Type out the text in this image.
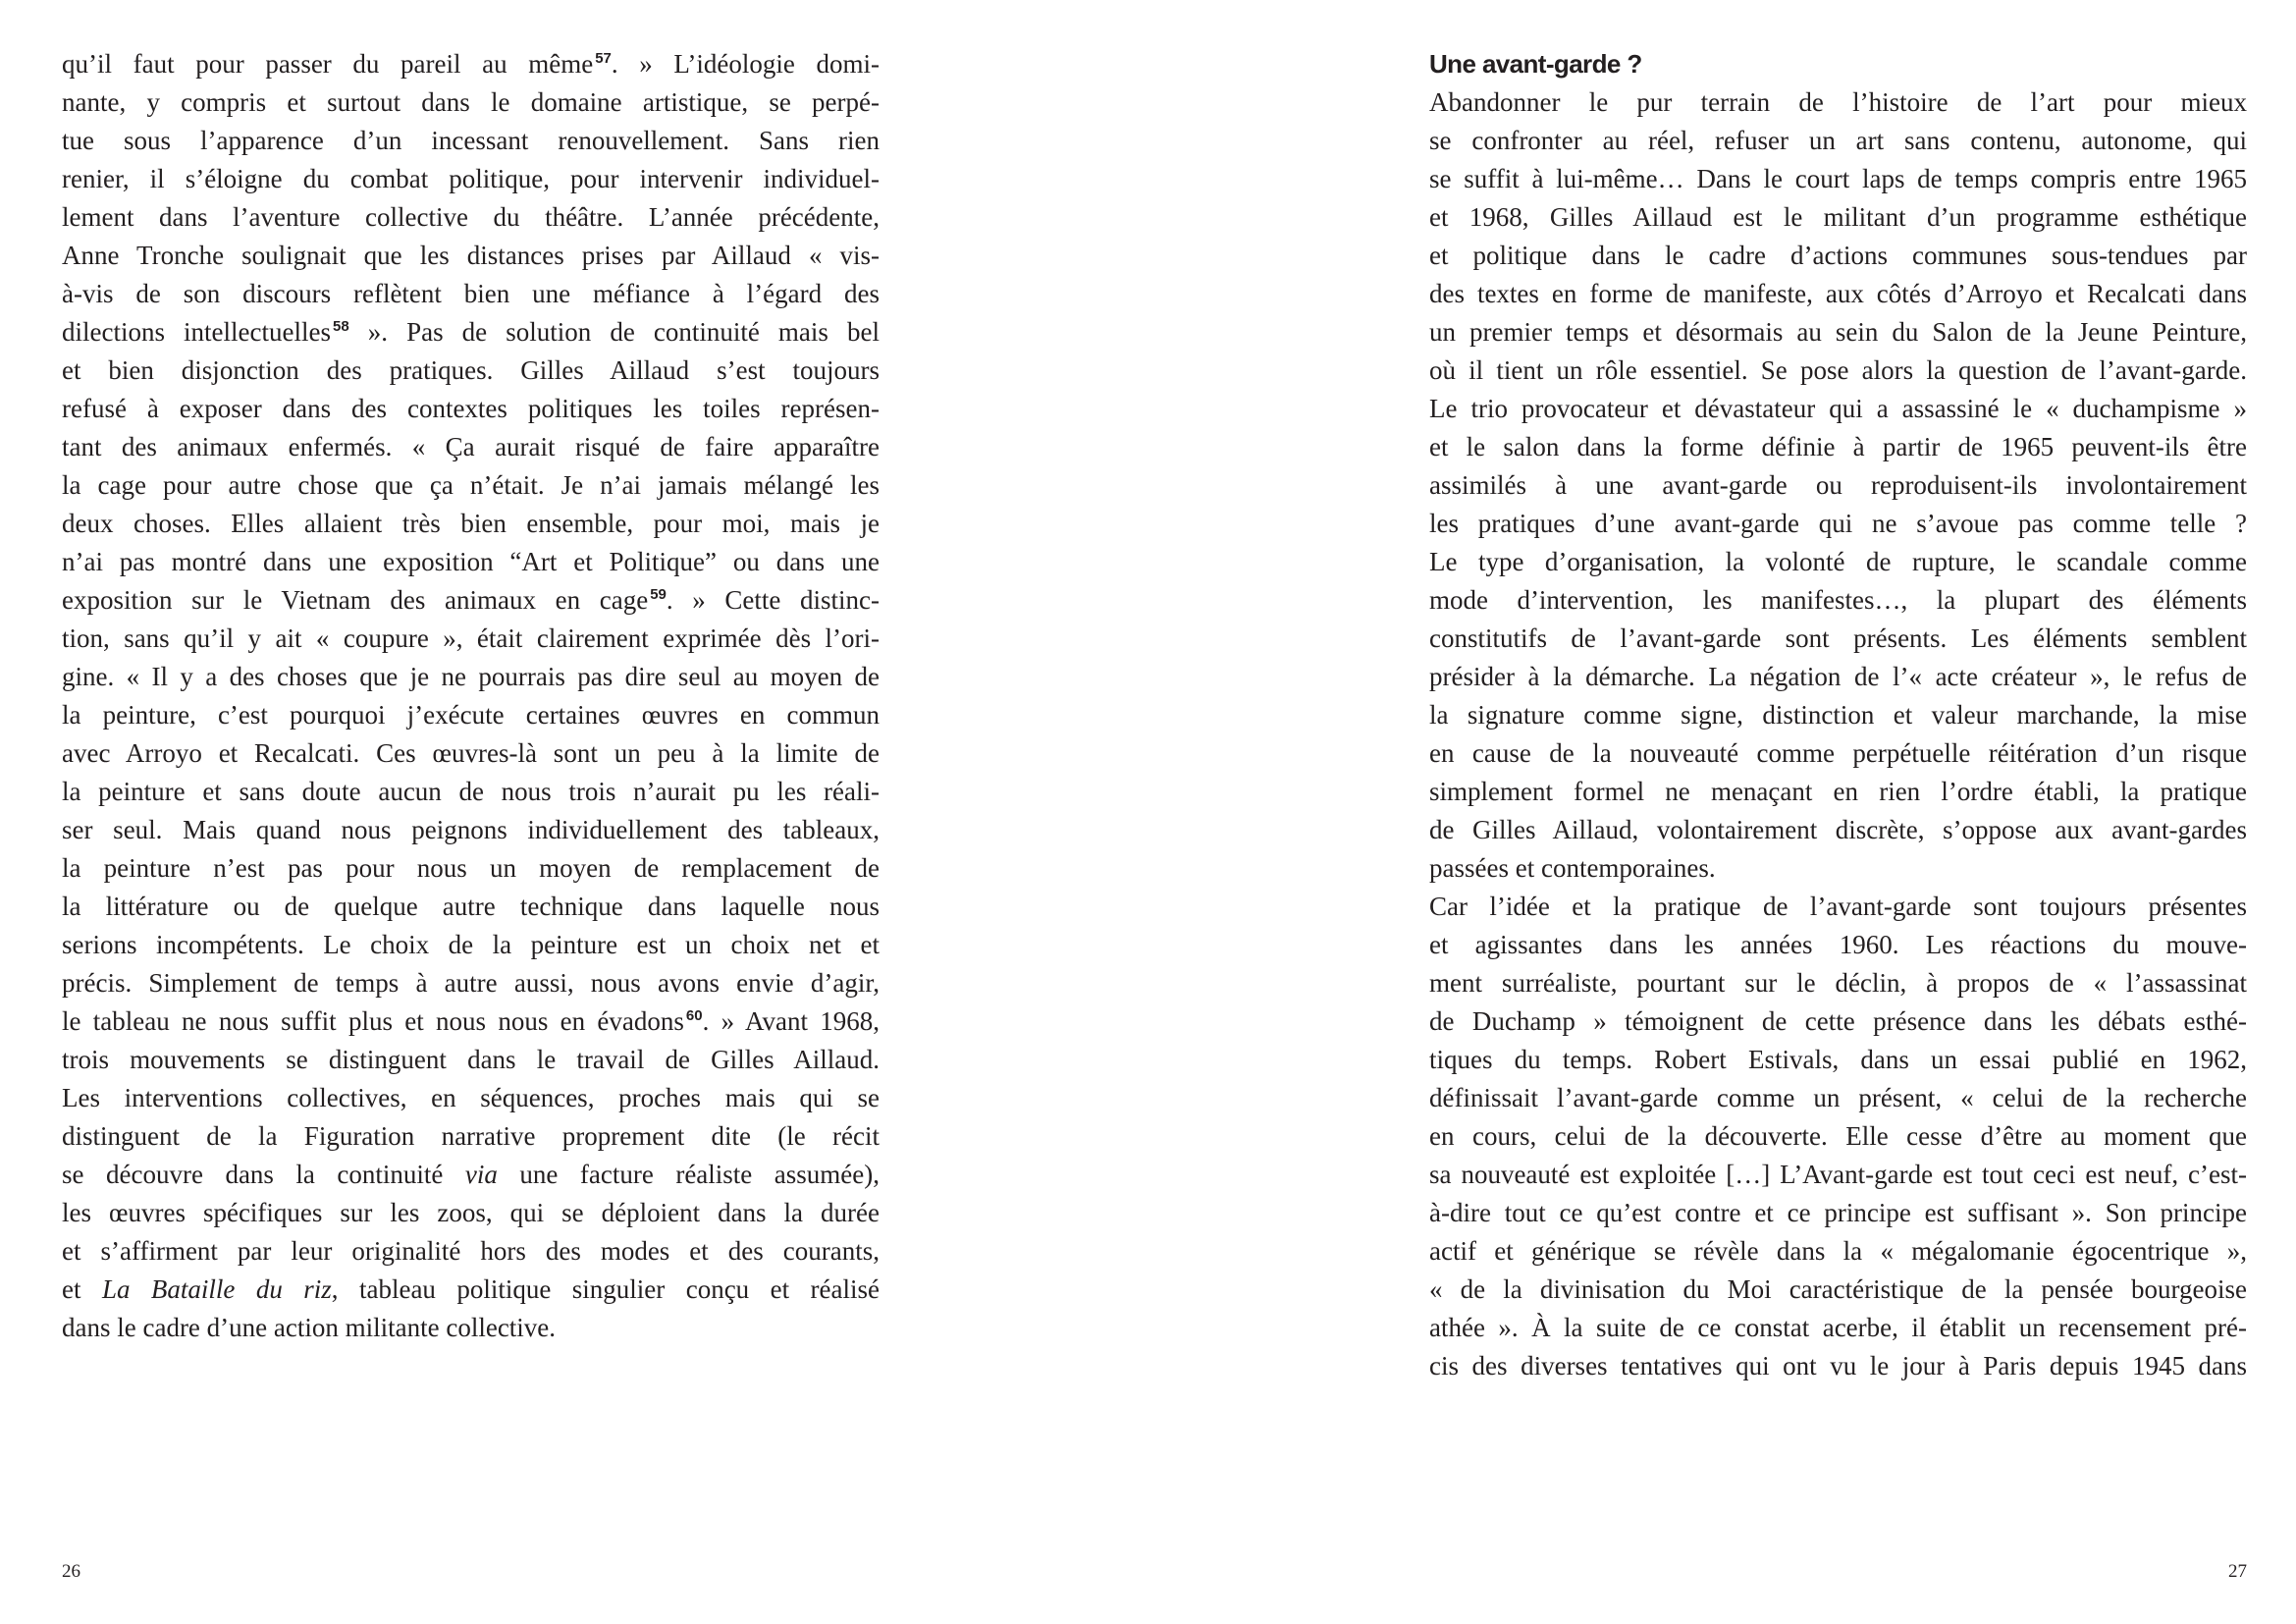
qu’il faut pour passer du pareil au même $^{57}$. » L’idéologie domi-
nante, y compris et surtout dans le domaine artistique, se perpé-
tue sous l’apparence d’un incessant renouvellement. Sans rien
renier, il s’éloigne du combat politique, pour intervenir individuel-
lement dans l’aventure collective du théâtre. L’année précédente,
Anne Tronche soulignait que les distances prises par Aillaud « vis-
à-vis de son discours reflètent bien une méfiance à l’égard des
dilections intellectuelles $^{58}$ ». Pas de solution de continuité mais bel
et bien disjonction des pratiques. Gilles Aillaud s’est toujours
refusé à exposer dans des contextes politiques les toiles représen-
tant des animaux enfermés. « Ça aurait risqué de faire apparaître
la cage pour autre chose que ça n’était. Je n’ai jamais mélangé les
deux choses. Elles allaient très bien ensemble, pour moi, mais je
n’ai pas montré dans une exposition “Art et Politique” ou dans une
exposition sur le Vietnam des animaux en cage $^{59}$. » Cette distinc-
tion, sans qu’il y ait « coupure », était clairement exprimée dès l’ori-
gine. « Il y a des choses que je ne pourrais pas dire seul au moyen de
la peinture, c’est pourquoi j’exécute certaines œuvres en commun
avec Arroyo et Recalcati. Ces œuvres-là sont un peu à la limite de
la peinture et sans doute aucun de nous trois n’aurait pu les réali-
ser seul. Mais quand nous peignons individuellement des tableaux,
la peinture n’est pas pour nous un moyen de remplacement de
la littérature ou de quelque autre technique dans laquelle nous
serions incompétents. Le choix de la peinture est un choix net et
précis. Simplement de temps à autre aussi, nous avons envie d’agir,
le tableau ne nous suffit plus et nous nous en évadons $^{60}$. » Avant 1968,
trois mouvements se distinguent dans le travail de Gilles Aillaud.
Les interventions collectives, en séquences, proches mais qui se
distinguent de la Figuration narrative proprement dite (le récit
se découvre dans la continuité via une facture réaliste assumée),
les œuvres spécifiques sur les zoos, qui se déploient dans la durée
et s’affirment par leur originalité hors des modes et des courants,
et La Bataille du riz, tableau politique singulier conçu et réalisé
dans le cadre d’une action militante collective.
26
Une avant-garde ?
Abandonner le pur terrain de l’histoire de l’art pour mieux
se confronter au réel, refuser un art sans contenu, autonome, qui
se suffit à lui-même… Dans le court laps de temps compris entre 1965
et 1968, Gilles Aillaud est le militant d’un programme esthétique
et politique dans le cadre d’actions communes sous-tendues par
des textes en forme de manifeste, aux côtés d’Arroyo et Recalcati dans
un premier temps et désormais au sein du Salon de la Jeune Peinture,
où il tient un rôle essentiel. Se pose alors la question de l’avant-garde.
Le trio provocateur et dévastateur qui a assassiné le « duchampisme »
et le salon dans la forme définie à partir de 1965 peuvent-ils être
assimilés à une avant-garde ou reproduisent-ils involontairement
les pratiques d’une avant-garde qui ne s’avoue pas comme telle ?
Le type d’organisation, la volonté de rupture, le scandale comme
mode d’intervention, les manifestes…, la plupart des éléments
constitutifs de l’avant-garde sont présents. Les éléments semblent
présider à la démarche. La négation de l’« acte créateur », le refus de
la signature comme signe, distinction et valeur marchande, la mise
en cause de la nouveauté comme perpétuelle réitération d’un risque
simplement formel ne menaçant en rien l’ordre établi, la pratique
de Gilles Aillaud, volontairement discrète, s’oppose aux avant-gardes
passées et contemporaines.
Car l’idée et la pratique de l’avant-garde sont toujours présentes
et agissantes dans les années 1960. Les réactions du mouve-
ment surréaliste, pourtant sur le déclin, à propos de « l’assassinat
de Duchamp » témoignent de cette présence dans les débats esthé-
tiques du temps. Robert Estivals, dans un essai publié en 1962,
définissait l’avant-garde comme un présent, « celui de la recherche
en cours, celui de la découverte. Elle cesse d’être au moment que
sa nouveauté est exploitée […] L’Avant-garde est tout ceci est neuf, c’est-
à-dire tout ce qu’est contre et ce principe est suffisant ». Son principe
actif et générique se révèle dans la « mégalomanie égocentrique »,
« de la divinisation du Moi caractéristique de la pensée bourgeoise
athée ». À la suite de ce constat acerbe, il établit un recensement pré-
cis des diverses tentatives qui ont vu le jour à Paris depuis 1945 dans
27
